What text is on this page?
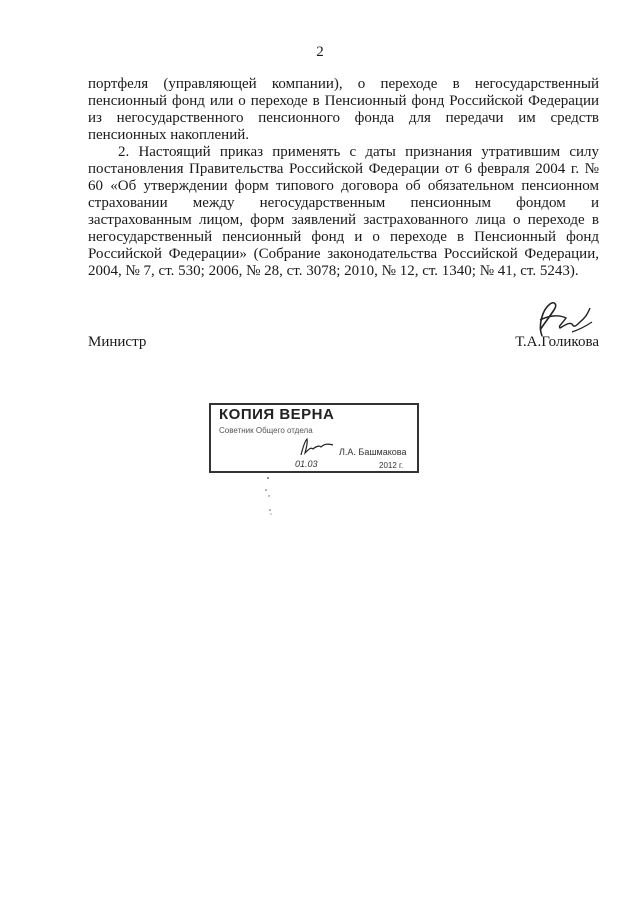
2

портфеля (управляющей компании), о переходе в негосударственный пенсионный фонд или о переходе в Пенсионный фонд Российской Федерации из негосударственного пенсионного фонда для передачи им средств пенсионных накоплений.

2. Настоящий приказ применять с даты признания утратившим силу постановления Правительства Российской Федерации от 6 февраля 2004 г. № 60 «Об утверждении форм типового договора об обязательном пенсионном страховании между негосударственным пенсионным фондом и застрахованным лицом, форм заявлений застрахованного лица о переходе в негосударственный пенсионный фонд и о переходе в Пенсионный фонд Российской Федерации» (Собрание законодательства Российской Федерации, 2004, № 7, ст. 530; 2006, № 28, ст. 3078; 2010, № 12, ст. 1340; № 41, ст. 5243).

Министр	Т.А.Голикова
КОПИЯ ВЕРНА
Советник Общего отдела
Л.А. Башмакова
01.03	2012 г.
